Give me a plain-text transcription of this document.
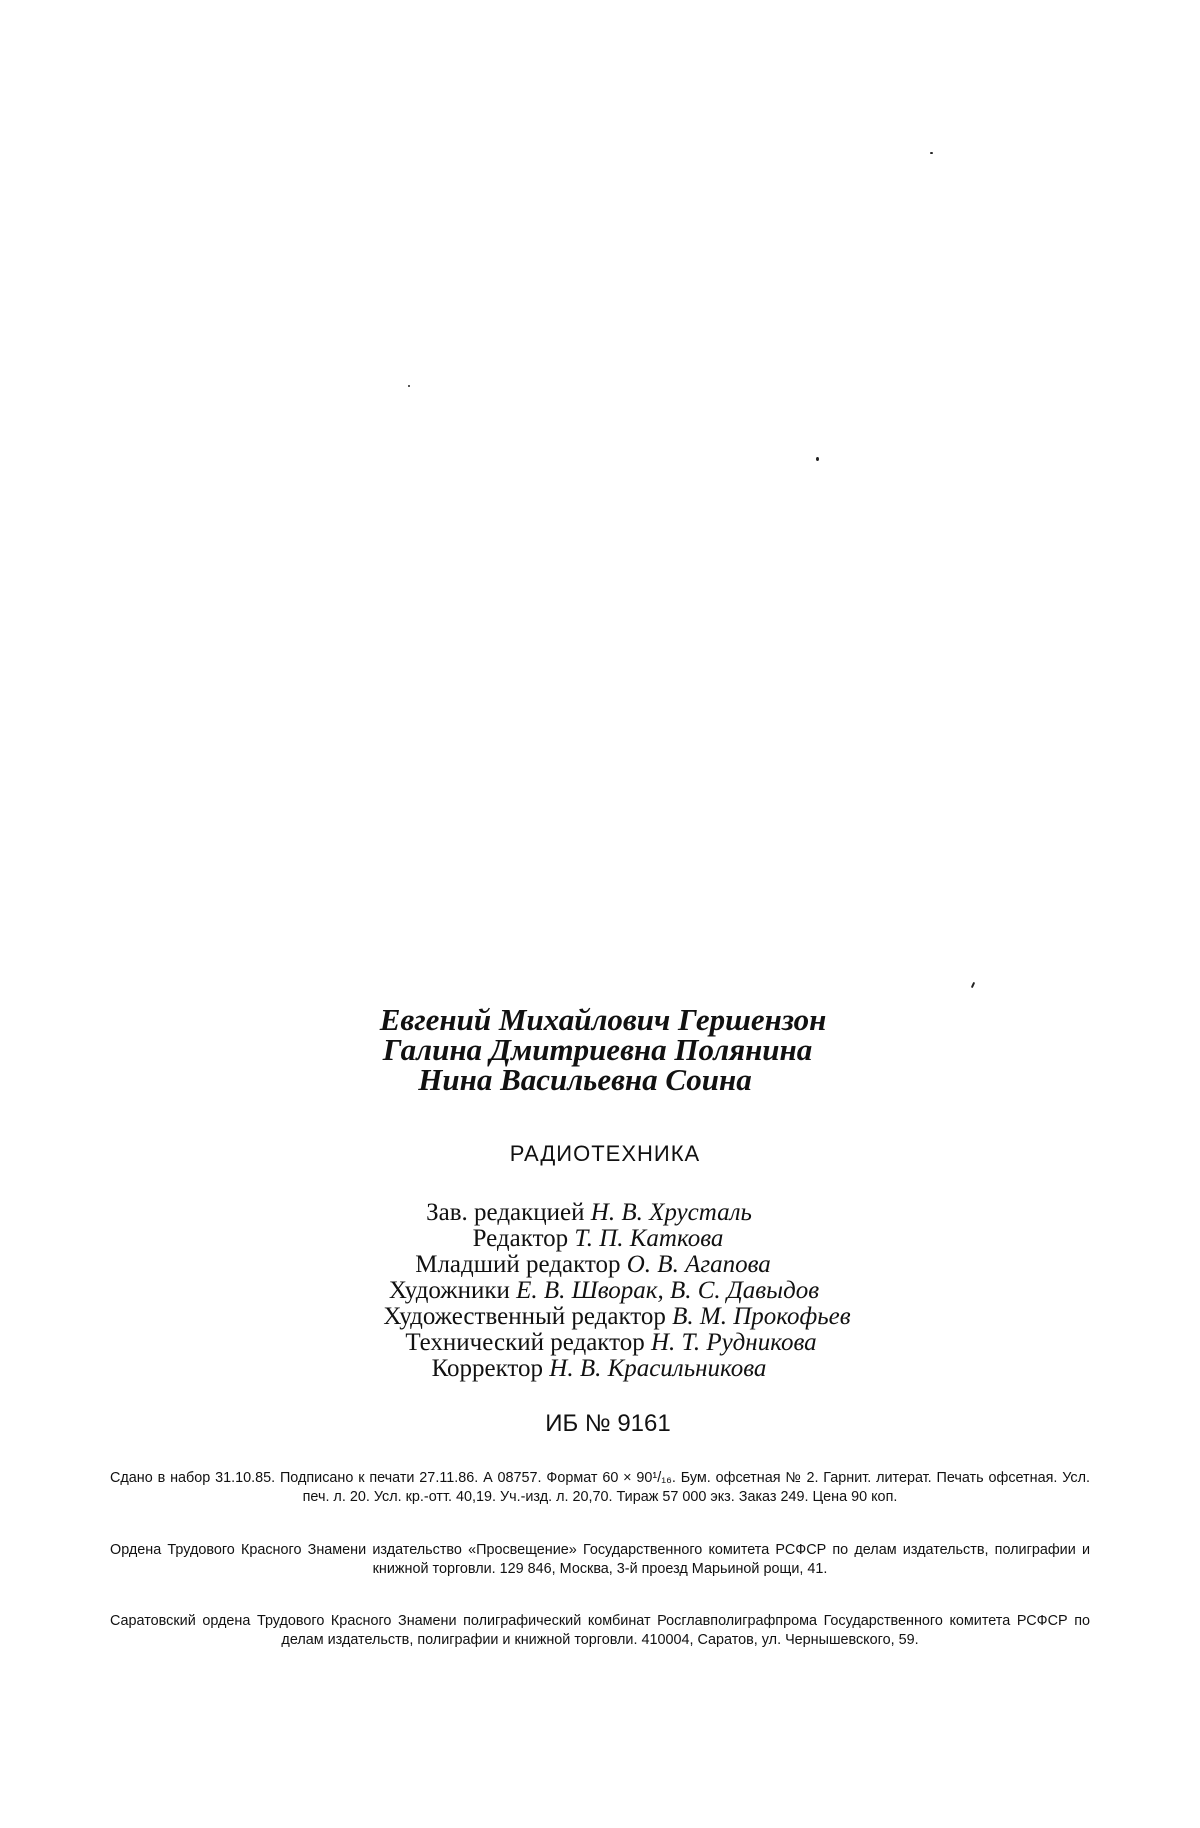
Евгений Михайлович Гершензон
Галина Дмитриевна Полянина
Нина Васильевна Соина
РАДИОТЕХНИКА
Зав. редакцией Н. В. Хрусталь
Редактор Т. П. Каткова
Младший редактор О. В. Агапова
Художники Е. В. Шворак, В. С. Давыдов
Художественный редактор В. М. Прокофьев
Технический редактор Н. Т. Рудникова
Корректор Н. В. Красильникова
ИБ № 9161

Сдано в набор 31.10.85. Подписано к печати 27.11.86. А 08757. Формат 60 × 90¹/₁₆. Бум. офсетная № 2. Гарнит. литерат. Печать офсетная. Усл. печ. л. 20. Усл. кр.-отт. 40,19. Уч.-изд. л. 20,70. Тираж 57 000 экз. Заказ 249. Цена 90 коп.

Ордена Трудового Красного Знамени издательство «Просвещение» Государственного комитета РСФСР по делам издательств, полиграфии и книжной торговли. 129 846, Москва, 3-й проезд Марьиной рощи, 41.

Саратовский ордена Трудового Красного Знамени полиграфический комбинат Росглавполиграфпрома Государственного комитета РСФСР по делам издательств, полиграфии и книжной торговли. 410004, Саратов, ул. Чернышевского, 59.
